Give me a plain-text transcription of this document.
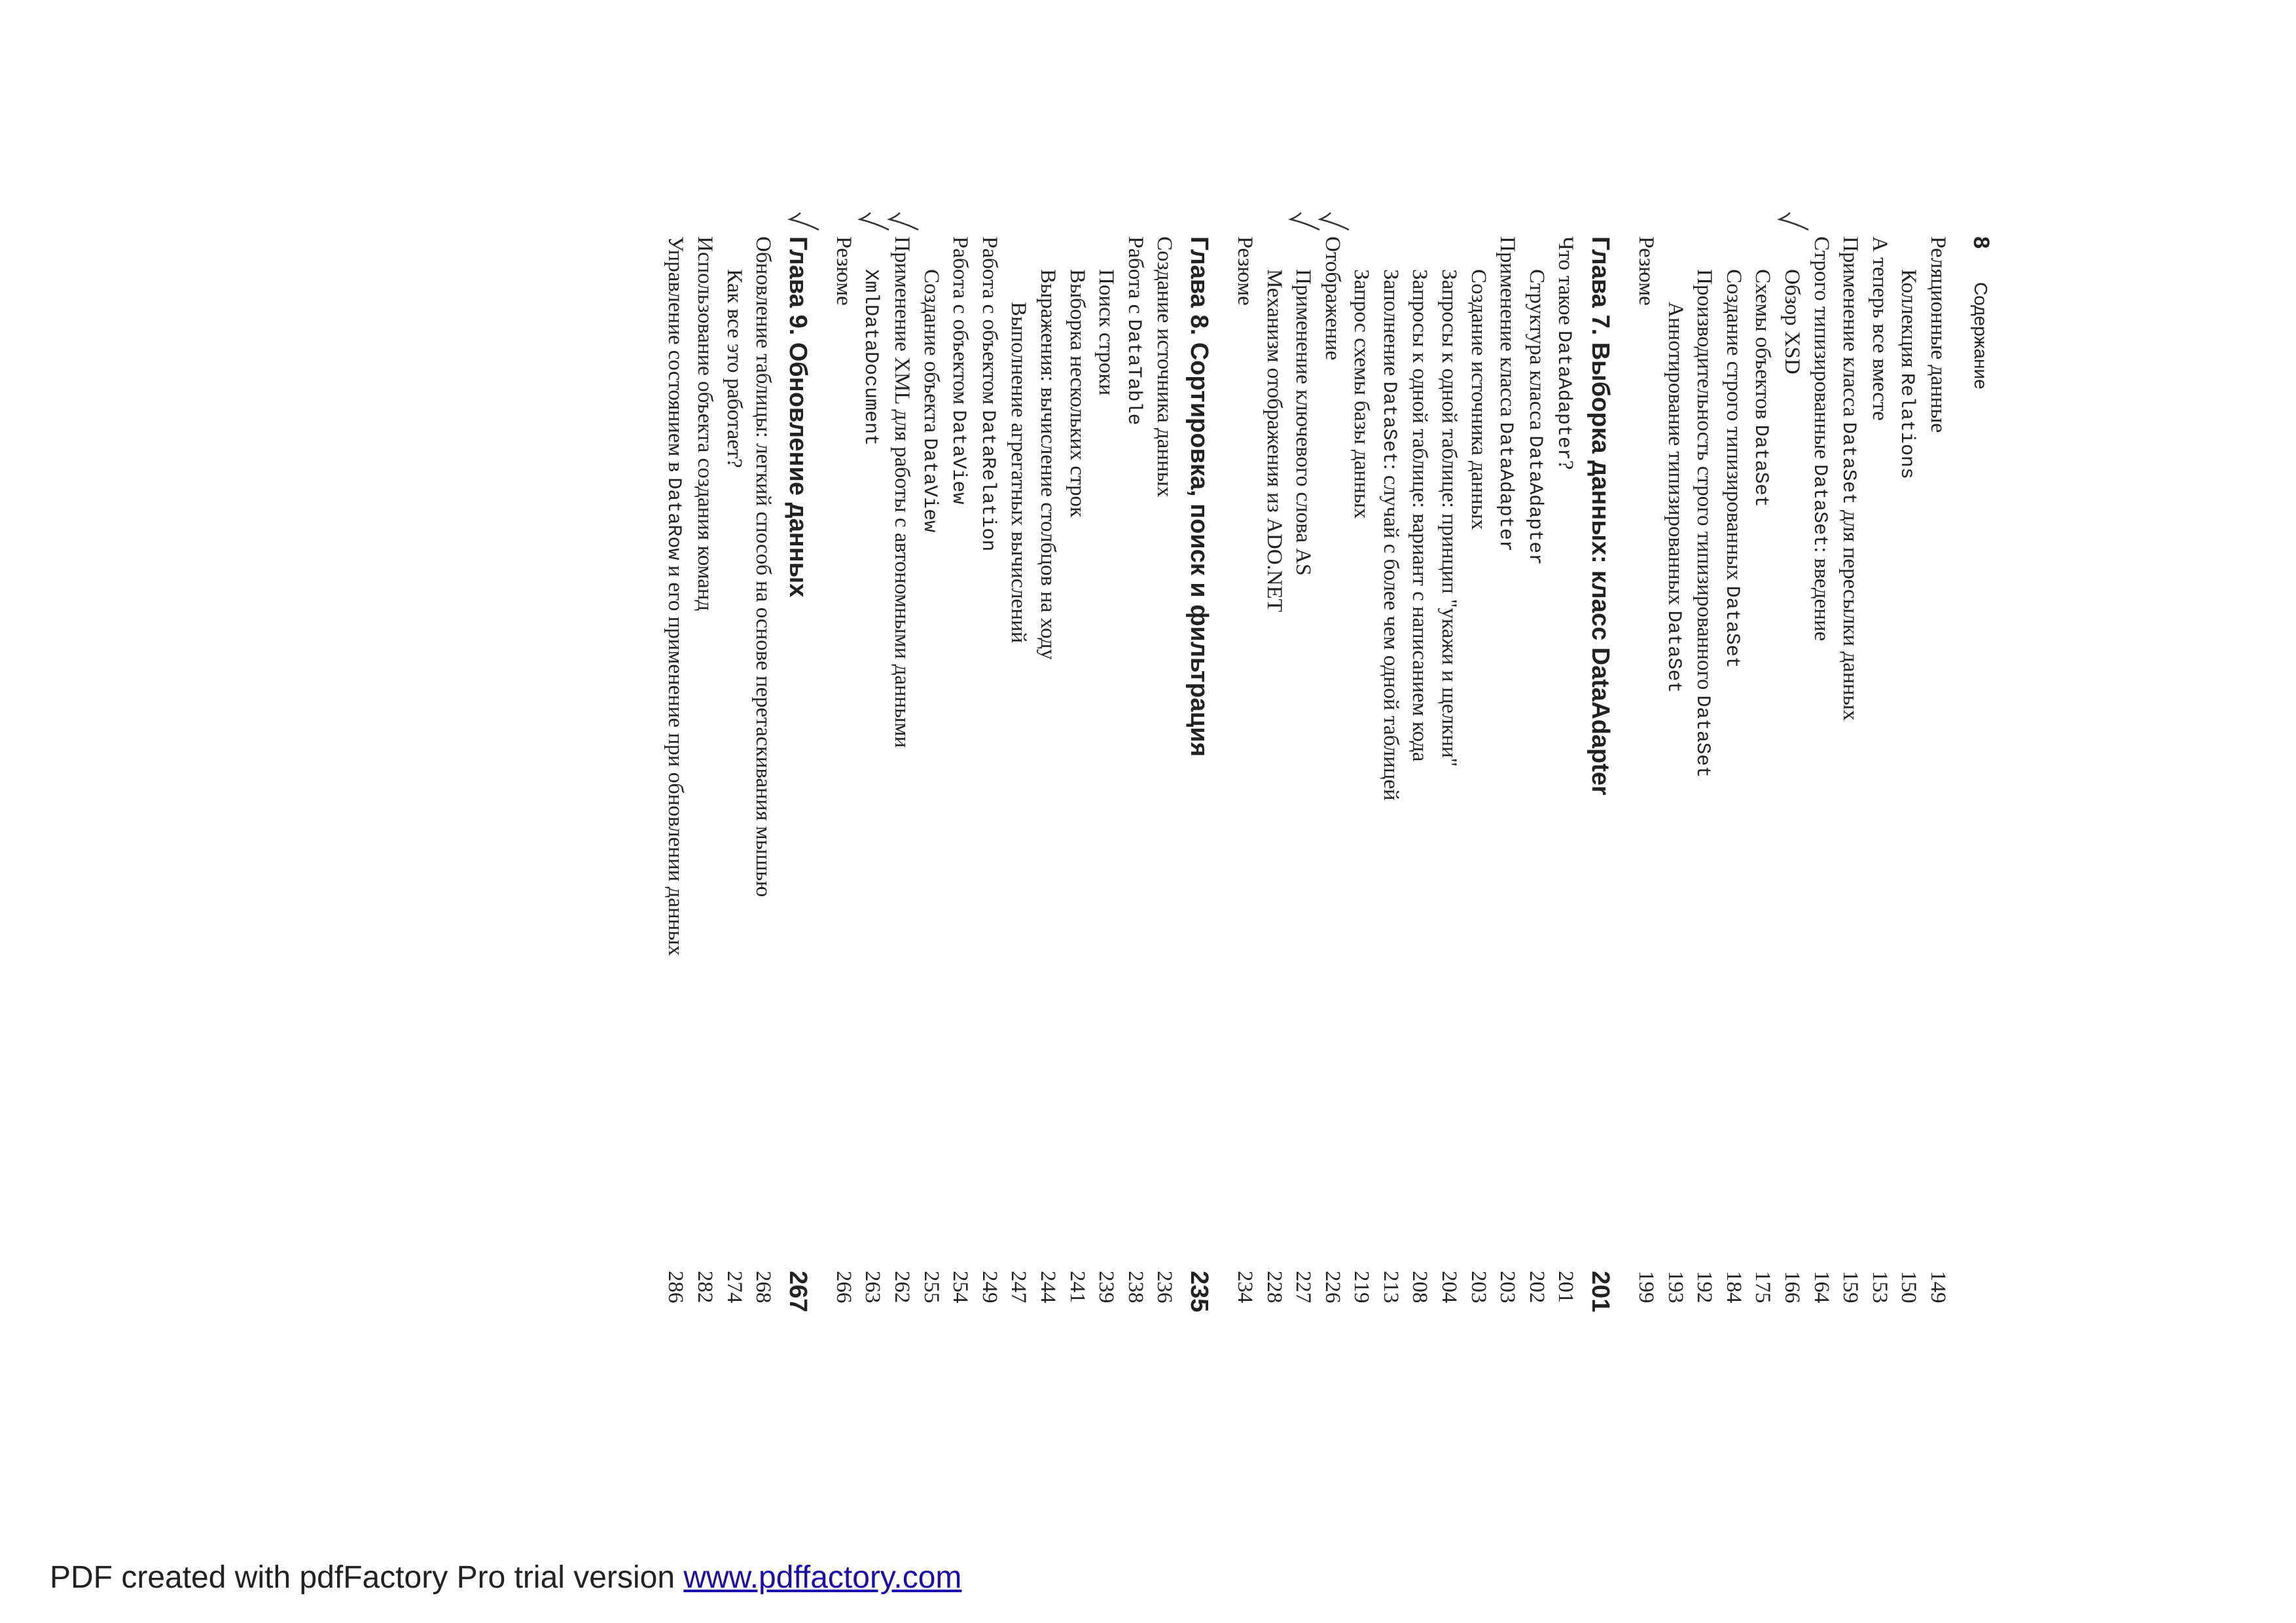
8
Содержание
Реляционные данные
149
Коллекция Relations
150
А теперь все вместе
153
Применение класса DataSet для пересылки данных
159
Строго типизированные DataSet: введение
164
Обзор XSD
166
Схемы объектов DataSet
175
Создание строго типизированных DataSet
184
Производительность строго типизированного DataSet
192
Аннотирование типизированных DataSet
193
Резюме
199
Глава 7. Выборка данных: класс DataAdapter
201
Что такое DataAdapter?
201
Структура класса DataAdapter
202
Применение класса DataAdapter
203
Создание источника данных
203
Запросы к одной таблице: принцип "укажи и щелкни"
204
Запросы к одной таблице: вариант с написанием кода
208
Заполнение DataSet: случай с более чем одной таблицей
213
Запрос схемы базы данных
219
Отображение
226
Применение ключевого слова AS
227
Механизм отображения из ADO.NET
228
Резюме
234
Глава 8. Сортировка, поиск и фильтрация
235
Создание источника данных
236
Работа с DataTable
238
Поиск строки
239
Выборка нескольких строк
241
Выражения: вычисление столбцов на ходу
244
Выполнение агрегатных вычислений
247
Работа с объектом DataRelation
249
Работа с объектом DataView
254
Создание объекта DataView
255
Применение XML для работы с автономными данными
262
XmlDataDocument
263
Резюме
266
Глава 9. Обновление данных
267
Обновление таблицы: легкий способ на основе перетаскивания мышью
268
Как все это работает?
274
Использование объекта создания команд
282
Управление состоянием в DataRow и его применение при обновлении данных
286
PDF created with pdfFactory Pro trial version www.pdffactory.com
